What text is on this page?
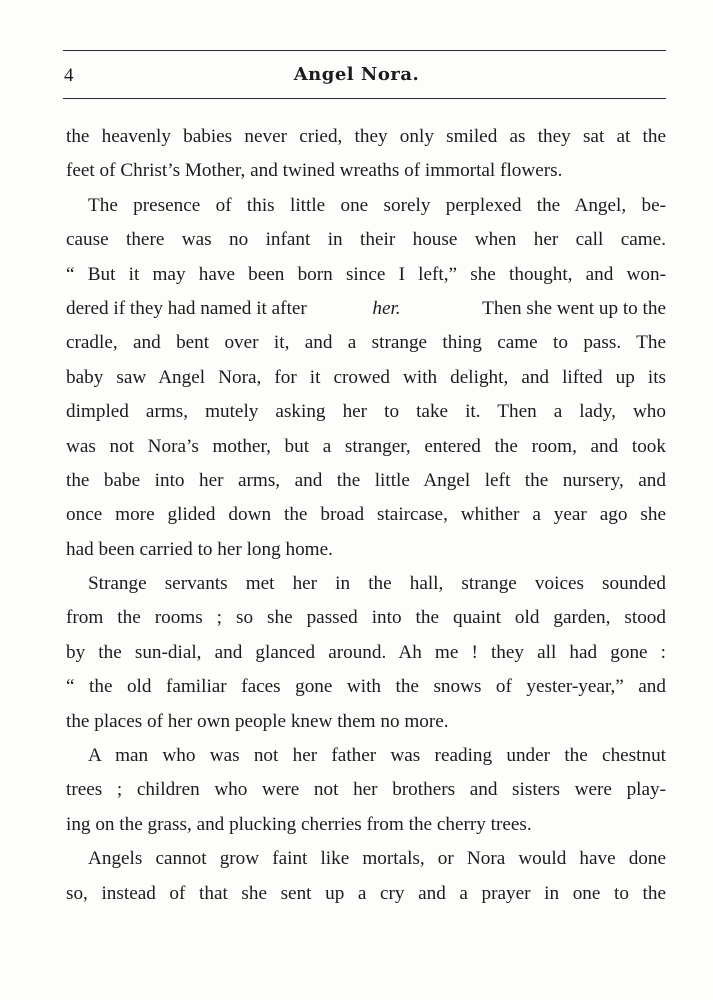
4	Angel Nora.
the heavenly babies never cried, they only smiled as they sat at the
feet of Christ’s Mother, and twined wreaths of immortal flowers.
The presence of this little one sorely perplexed the Angel, be-
cause there was no infant in their house when her call came.
“ But it may have been born since I left,” she thought, and won-
dered if they had named it after	her.	Then she went up to the
cradle, and bent over it, and a strange thing came to pass. The
baby saw Angel Nora, for it crowed with delight, and lifted up its
dimpled arms, mutely asking her to take it. Then a lady, who
was not Nora’s mother, but a stranger, entered the room, and took
the babe into her arms, and the little Angel left the nursery, and
once more glided down the broad staircase, whither a year ago she
had been carried to her long home.
Strange servants met her in the hall, strange voices sounded
from the rooms ; so she passed into the quaint old garden, stood
by the sun-dial, and glanced around. Ah me ! they all had gone :
“ the old familiar faces gone with the snows of yester-year,” and
the places of her own people knew them no more.
A man who was not her father was reading under the chestnut
trees ; children who were not her brothers and sisters were play-
ing on the grass, and plucking cherries from the cherry trees.
Angels cannot grow faint like mortals, or Nora would have done
so, instead of that she sent up a cry and a prayer in one to the
